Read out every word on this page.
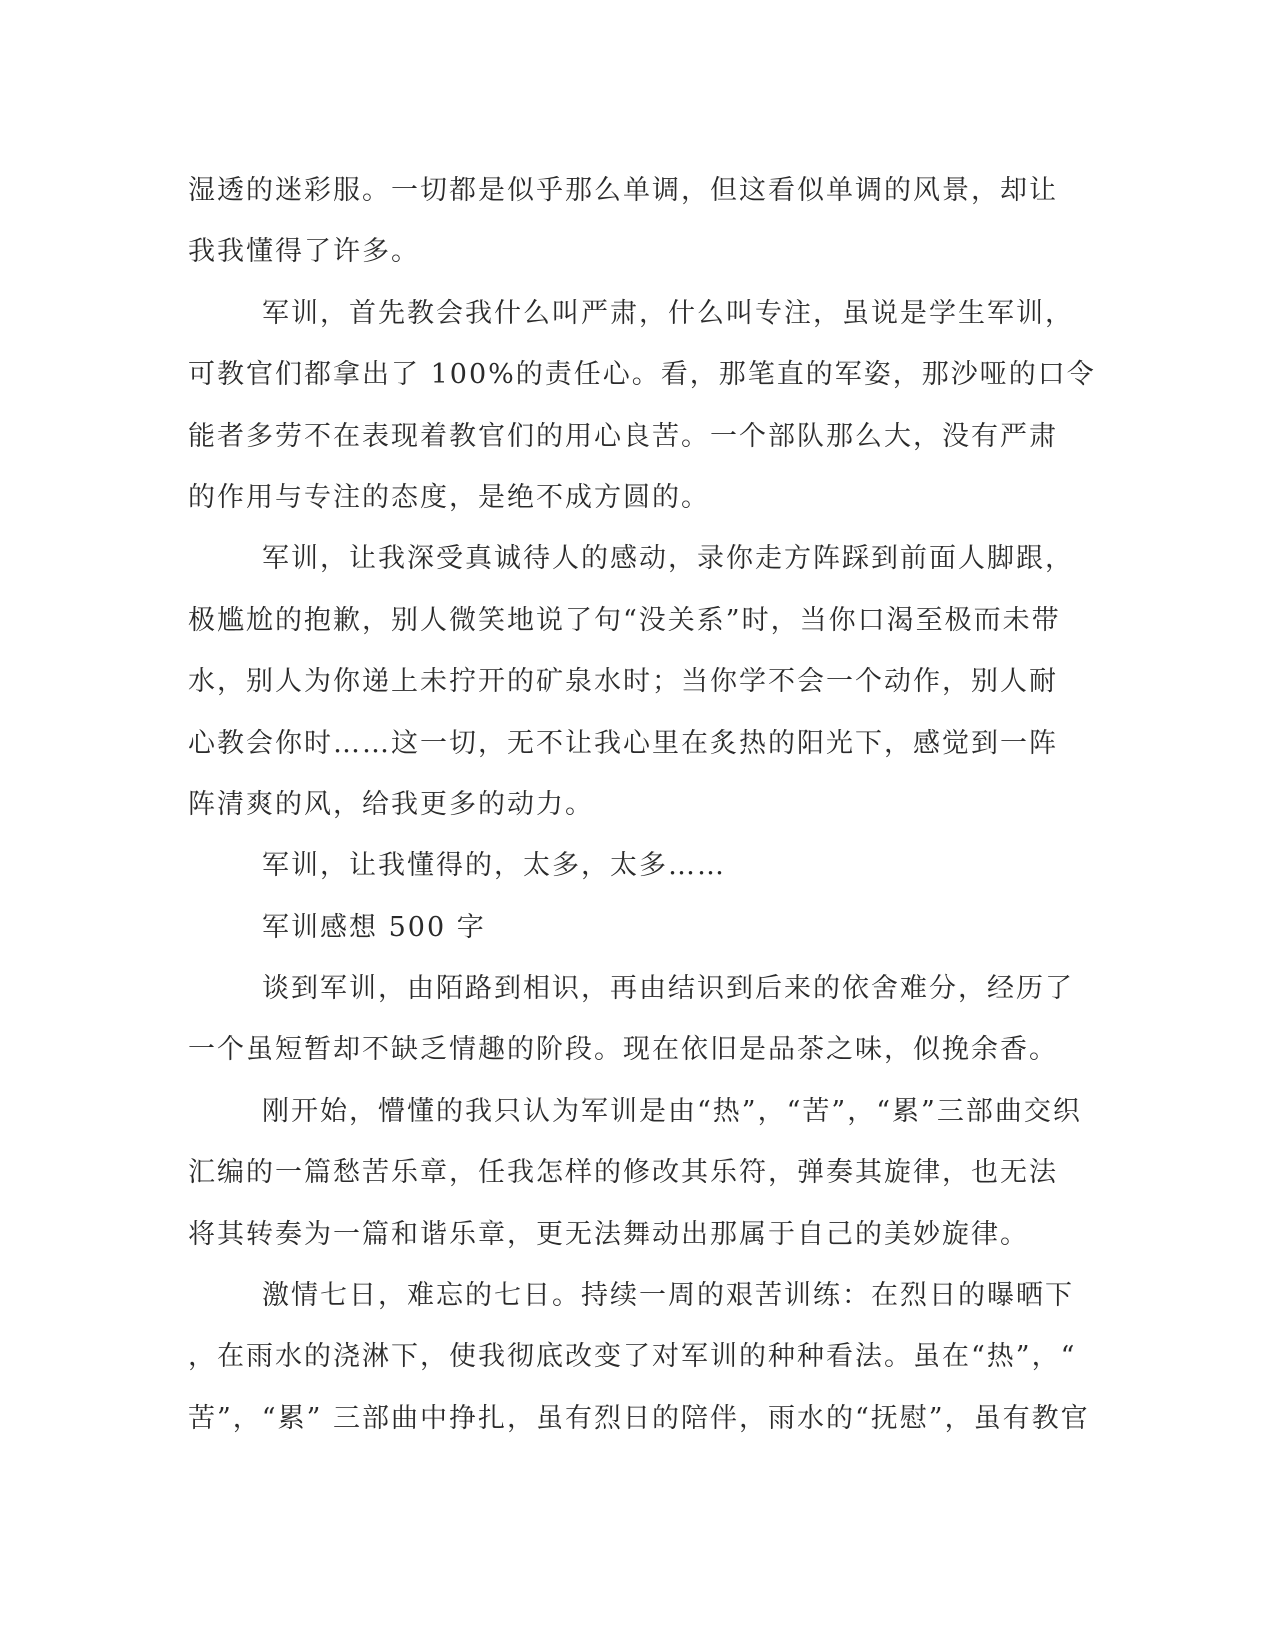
湿透的迷彩服。一切都是似乎那么单调，但这看似单调的风景，却让
我我懂得了许多。
军训，首先教会我什么叫严肃，什么叫专注，虽说是学生军训，
可教官们都拿出了 100%的责任心。看，那笔直的军姿，那沙哑的口令
能者多劳不在表现着教官们的用心良苦。一个部队那么大，没有严肃
的作用与专注的态度，是绝不成方圆的。
军训，让我深受真诚待人的感动，录你走方阵踩到前面人脚跟，
极尴尬的抱歉，别人微笑地说了句“没关系”时，当你口渴至极而未带
水，别人为你递上未拧开的矿泉水时；当你学不会一个动作，别人耐
心教会你时……这一切，无不让我心里在炙热的阳光下，感觉到一阵
阵清爽的风，给我更多的动力。
军训，让我懂得的，太多，太多……
军训感想 500 字
谈到军训，由陌路到相识，再由结识到后来的依舍难分，经历了
一个虽短暂却不缺乏情趣的阶段。现在依旧是品茶之味，似挽余香。
刚开始，懵懂的我只认为军训是由“热”，“苦”，“累”三部曲交织
汇编的一篇愁苦乐章，任我怎样的修改其乐符，弹奏其旋律，也无法
将其转奏为一篇和谐乐章，更无法舞动出那属于自己的美妙旋律。
激情七日，难忘的七日。持续一周的艰苦训练：在烈日的曝晒下
，在雨水的浇淋下，使我彻底改变了对军训的种种看法。虽在“热”，“
苦”，“累” 三部曲中挣扎，虽有烈日的陪伴，雨水的“抚慰”，虽有教官
